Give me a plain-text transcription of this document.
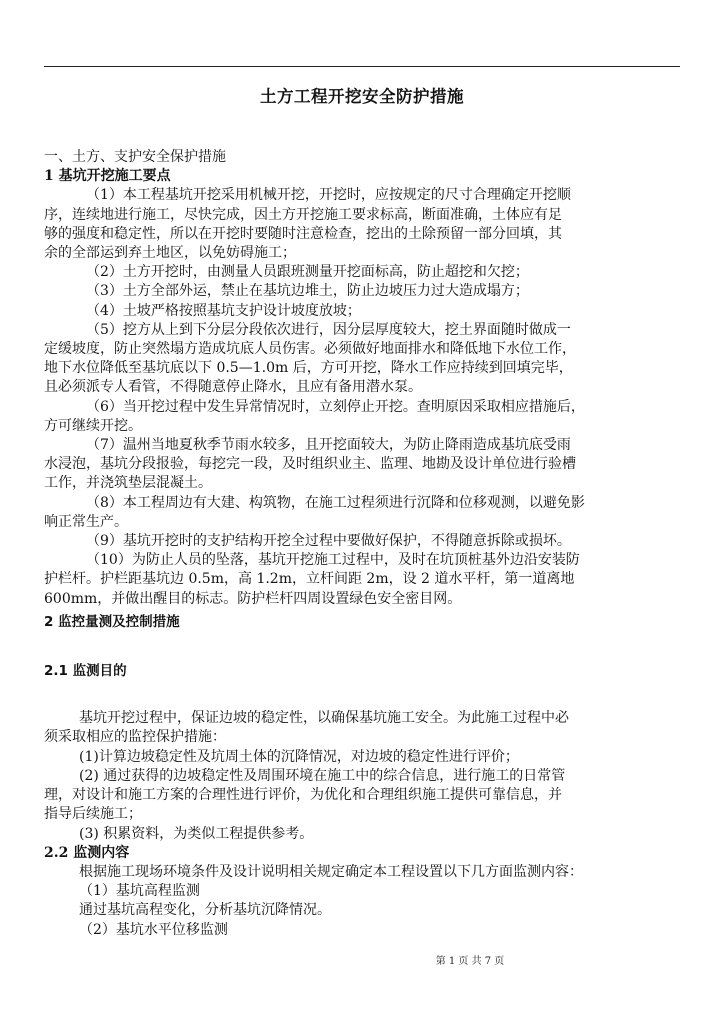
土方工程开挖安全防护措施
一、土方、支护安全保护措施
1 基坑开挖施工要点
（1）本工程基坑开挖采用机械开挖，开挖时，应按规定的尺寸合理确定开挖顺
序，连续地进行施工，尽快完成，因土方开挖施工要求标高，断面准确，土体应有足
够的强度和稳定性，所以在开挖时要随时注意检查，挖出的土除预留一部分回填，其
余的全部运到弃土地区，以免妨碍施工；
（2）土方开挖时，由测量人员跟班测量开挖面标高，防止超挖和欠挖；
（3）土方全部外运，禁止在基坑边堆土，防止边坡压力过大造成塌方；
（4）土坡严格按照基坑支护设计坡度放坡；
（5）挖方从上到下分层分段依次进行，因分层厚度较大，挖土界面随时做成一
定缓坡度，防止突然塌方造成坑底人员伤害。必须做好地面排水和降低地下水位工作，
地下水位降低至基坑底以下 0.5—1.0m 后，方可开挖，降水工作应持续到回填完毕，
且必须派专人看管，不得随意停止降水，且应有备用潜水泵。
（6）当开挖过程中发生异常情况时，立刻停止开挖。查明原因采取相应措施后，
方可继续开挖。
（7）温州当地夏秋季节雨水较多，且开挖面较大，为防止降雨造成基坑底受雨
水浸泡，基坑分段报验，每挖完一段，及时组织业主、监理、地勘及设计单位进行验槽
工作，并浇筑垫层混凝土。
（8）本工程周边有大建、构筑物，在施工过程须进行沉降和位移观测，以避免影
响正常生产。
（9）基坑开挖时的支护结构开挖全过程中要做好保护，不得随意拆除或损坏。
（10）为防止人员的坠落，基坑开挖施工过程中，及时在坑顶桩基外边沿安装防
护栏杆。护栏距基坑边 0.5m，高 1.2m，立杆间距 2m，设 2 道水平杆，第一道离地
600mm，并做出醒目的标志。防护栏杆四周设置绿色安全密目网。
2 监控量测及控制措施
2.1 监测目的
基坑开挖过程中，保证边坡的稳定性，以确保基坑施工安全。为此施工过程中必
须采取相应的监控保护措施：
(1)计算边坡稳定性及坑周土体的沉降情况，对边坡的稳定性进行评价；
(2) 通过获得的边坡稳定性及周围环境在施工中的综合信息，进行施工的日常管
理，对设计和施工方案的合理性进行评价，为优化和合理组织施工提供可靠信息，并
指导后续施工；
(3) 积累资料，为类似工程提供参考。
2.2 监测内容
根据施工现场环境条件及设计说明相关规定确定本工程设置以下几方面监测内容：
（1）基坑高程监测
通过基坑高程变化，分析基坑沉降情况。
（2）基坑水平位移监测
第 1 页 共 7 页
